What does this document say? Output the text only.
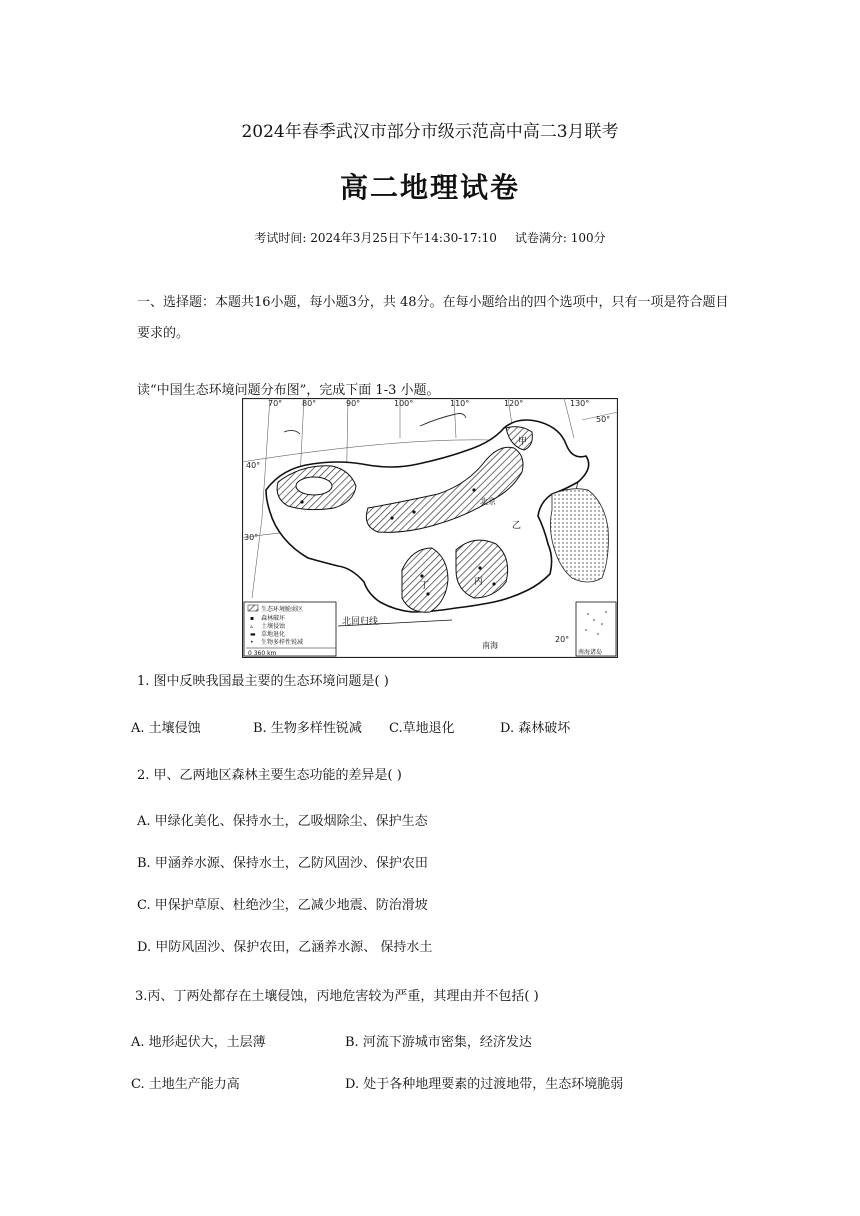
2024年春季武汉市部分市级示范高中高二3月联考
高二地理试卷
考试时间: 2024年3月25日下午14:30-17:10 试卷满分: 100分
一、选择题：本题共16小题，每小题3分，共 48分。在每小题给出的四个选项中，只有一项是符合题目要求的。
读“中国生态环境问题分布图”，完成下面 1-3 小题。
70° 80°	90°	100°	110°	120°	130°
50°
40°
30°
20°
北京
甲
乙
丙
丁
北回归线
南海
南海诸岛
生态环境脆弱区
▪ 森林破坏
▵ 土壤侵蚀
▬ 草地退化
• 生物多样性锐减
0 360 km
1. 图中反映我国最主要的生态环境问题是( )
A. 土壤侵蚀	B. 生物多样性锐减 C.草地退化	D. 森林破坏
2. 甲、乙两地区森林主要生态功能的差异是( )
A. 甲绿化美化、保持水土，乙吸烟除尘、保护生态
B. 甲涵养水源、保持水土，乙防风固沙、保护农田
C. 甲保护草原、杜绝沙尘，乙减少地震、防治滑坡
D. 甲防风固沙、保护农田，乙涵养水源、 保持水土
3.丙、丁两处都存在土壤侵蚀，丙地危害较为严重，其理由并不包括( )
A. 地形起伏大，土层薄	B. 河流下游城市密集，经济发达
C. 土地生产能力高	D. 处于各种地理要素的过渡地带，生态环境脆弱
